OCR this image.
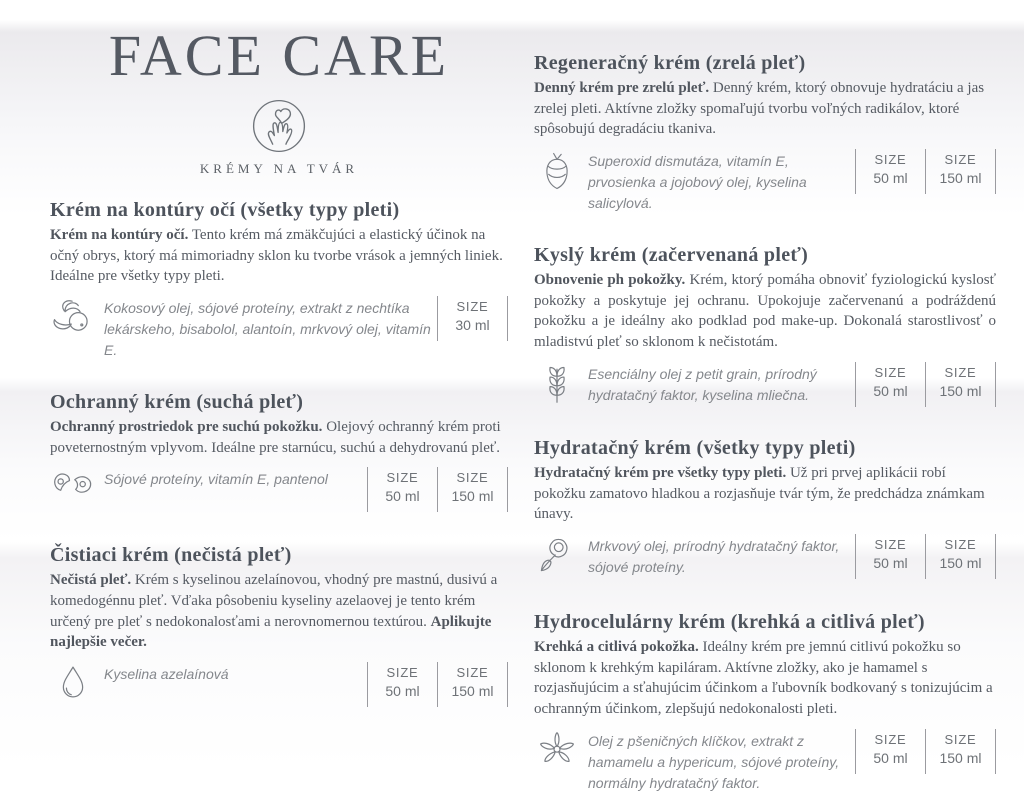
FACE CARE
KRÉMY NA TVÁR
Krém na kontúry očí (všetky typy pleti)

Krém na kontúry očí. Tento krém má zmäkčujúci a elastický účinok na očný obrys, ktorý má mimoriadny sklon ku tvorbe vrások a jemných liniek. Ideálne pre všetky typy pleti.

Kokosový olej, sójové proteíny, extrakt z nechtíka lekárskeho, bisabolol, alantoín, mrkvový olej, vitamín E.

SIZE
30 ml
Ochranný krém (suchá pleť)

Ochranný prostriedok pre suchú pokožku. Olejový ochranný krém proti poveternostným vplyvom. Ideálne pre starnúcu, suchú a dehydrovanú pleť.

Sójové proteíny, vitamín E, pantenol	SIZE
50 ml
SIZE
150 ml
Čistiaci krém (nečistá pleť)

Nečistá pleť. Krém s kyselinou azelaínovou, vhodný pre mastnú, dusivú a komedogénnu pleť. Vďaka pôsobeniu kyseliny azelaovej je tento krém určený pre pleť s nedokonalosťami a nerovnomernou textúrou. Aplikujte najlepšie večer.

Kyselina azelaínová	SIZE
50 ml
SIZE
150 ml
Regeneračný krém (zrelá pleť)

Denný krém pre zrelú pleť. Denný krém, ktorý obnovuje hydratáciu a jas zrelej pleti. Aktívne zložky spomaľujú tvorbu voľných radikálov, ktoré spôsobujú degradáciu tkaniva.

Superoxid dismutáza, vitamín E, prvosienka a jojobový olej, kyselina salicylová.

SIZE
50 ml
SIZE
150 ml
Kyslý krém (začervenaná pleť)

Obnovenie ph pokožky. Krém, ktorý pomáha obnoviť fyziologickú kyslosť pokožky a poskytuje jej ochranu. Upokojuje začervenanú a podráždenú pokožku a je ideálny ako podklad pod make-up. Dokonalá starostlivosť o mladistvú pleť so sklonom k nečistotám.

Esenciálny olej z petit grain, prírodný hydratačný faktor, kyselina mliečna.

SIZE
50 ml
SIZE
150 ml
Hydratačný krém (všetky typy pleti)

Hydratačný krém pre všetky typy pleti. Už pri prvej aplikácii robí pokožku zamatovo hladkou a rozjasňuje tvár tým, že predchádza známkam únavy.

Mrkvový olej, prírodný hydratačný faktor, sójové proteíny.

SIZE
50 ml
SIZE
150 ml
Hydrocelulárny krém (krehká a citlivá pleť)

Krehká a citlivá pokožka. Ideálny krém pre jemnú citlivú pokožku so sklonom k krehkým kapiláram. Aktívne zložky, ako je hamamel s rozjasňujúcim a sťahujúcim účinkom a ľubovník bodkovaný s tonizujúcim a ochranným účinkom, zlepšujú nedokonalosti pleti.

Olej z pšeničných klíčkov, extrakt z hamamelu a hypericum, sójové proteíny, normálny hydratačný faktor.

SIZE
50 ml
SIZE
150 ml
